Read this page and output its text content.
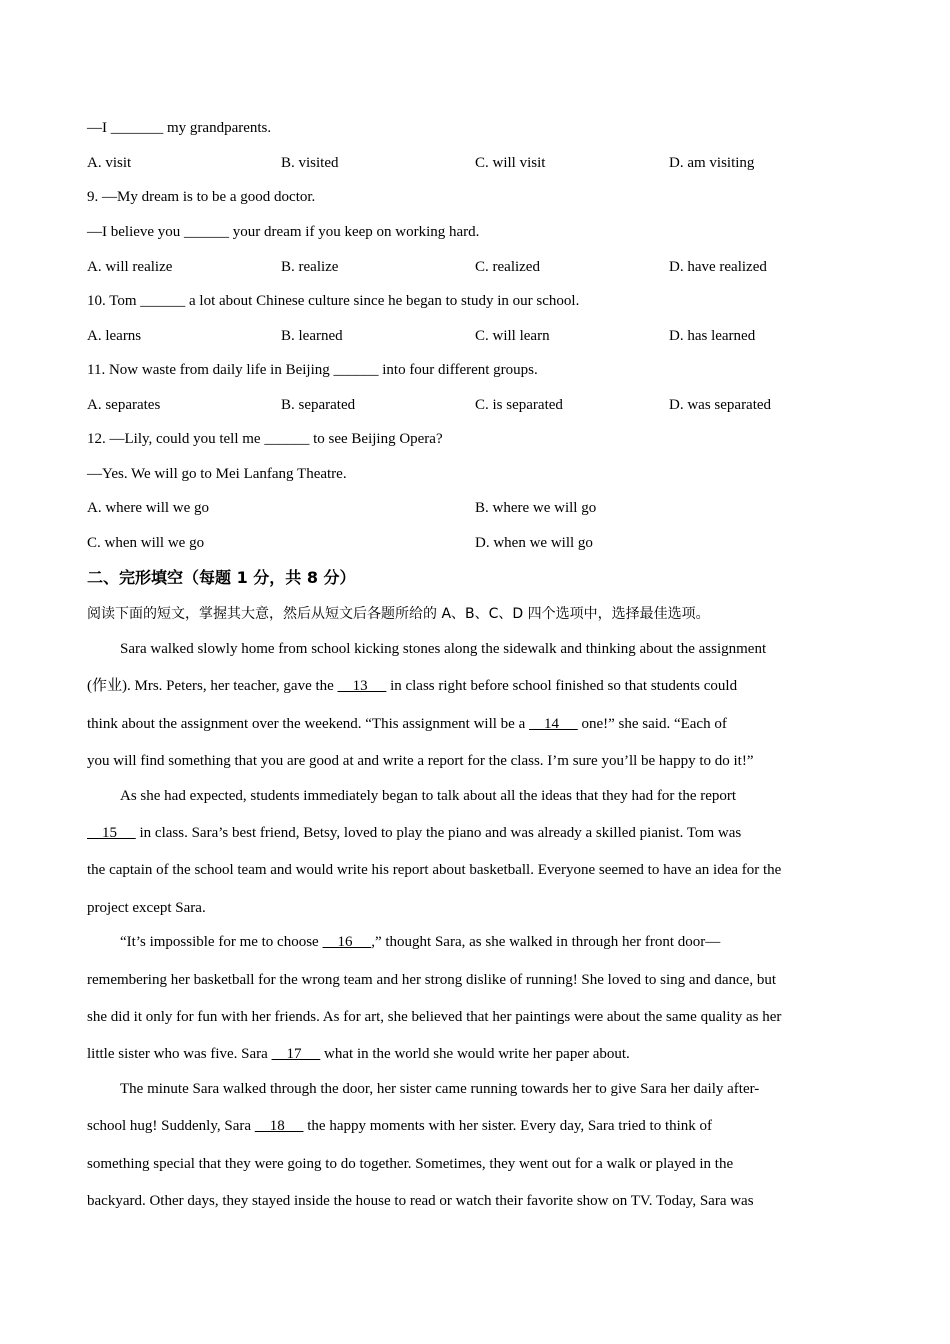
—I _______ my grandparents.
A. visit	B. visited	C. will visit	D. am visiting
9. —My dream is to be a good doctor.
—I believe you ______ your dream if you keep on working hard.
A. will realize	B. realize	C. realized	D. have realized
10. Tom ______ a lot about Chinese culture since he began to study in our school.
A. learns	B. learned	C. will learn	D. has learned
11. Now waste from daily life in Beijing ______ into four different groups.
A. separates	B. separated	C. is separated	D. was separated
12. —Lily, could you tell me ______ to see Beijing Opera?
—Yes. We will go to Mei Lanfang Theatre.
A. where will we go	B. where we will go
C. when will we go	D. when we will go
二、完形填空（每题 1 分，共 8 分）
阅读下面的短文，掌握其大意，然后从短文后各题所给的 A、B、C、D 四个选项中，选择最佳选项。
Sara walked slowly home from school kicking stones along the sidewalk and thinking about the assignment
(作业). Mrs. Peters, her teacher, gave the     13      in class right before school finished so that students could
think about the assignment over the weekend. “This assignment will be a     14      one!” she said. “Each of
you will find something that you are good at and write a report for the class. I’m sure you’ll be happy to do it!”
As she had expected, students immediately began to talk about all the ideas that they had for the report
15      in class. Sara’s best friend, Betsy, loved to play the piano and was already a skilled pianist. Tom was
the captain of the school team and would write his report about basketball. Everyone seemed to have an idea for the
project except Sara.
“It’s impossible for me to choose     16     ,” thought Sara, as she walked in through her front door—
remembering her basketball for the wrong team and her strong dislike of running! She loved to sing and dance, but
she did it only for fun with her friends. As for art, she believed that her paintings were about the same quality as her
little sister who was five. Sara     17      what in the world she would write her paper about.
The minute Sara walked through the door, her sister came running towards her to give Sara her daily after-
school hug! Suddenly, Sara     18      the happy moments with her sister. Every day, Sara tried to think of
something special that they were going to do together. Sometimes, they went out for a walk or played in the
backyard. Other days, they stayed inside the house to read or watch their favorite show on TV. Today, Sara was
